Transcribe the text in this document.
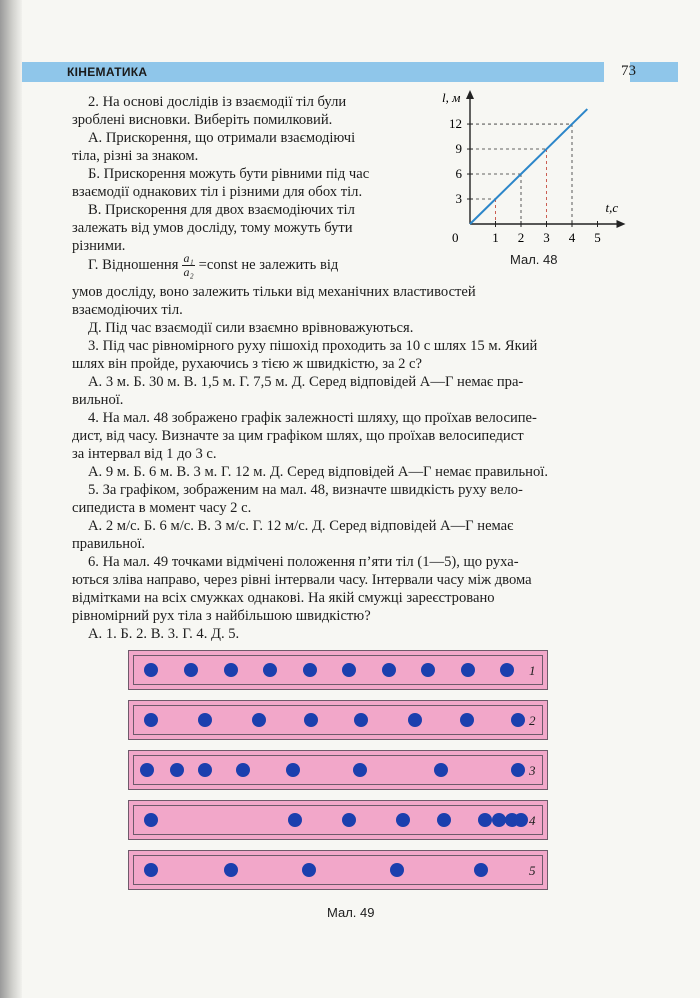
КІНЕМАТИКА	73
2. На основі дослідів із взаємодії тіл були
зроблені висновки. Виберіть помилковий.
А. Прискорення, що отримали взаємодіючі
тіла, різні за знаком.
Б. Прискорення можуть бути рівними під час
взаємодії однакових тіл і різними для обох тіл.
В. Прискорення для двох взаємодіючих тіл
залежать від умов досліду, тому можуть бути
різними.
Г. Відношення $\frac{\text{a₁}}{\text{a₂}}$ =const не залежить від
умов досліду, воно залежить тільки від механічних властивостей
взаємодіючих тіл.
Д. Під час взаємодії сили взаємно врівноважуються.
3. Під час рівномірного руху пішохід проходить за 10 с шлях 15 м. Який
шлях він пройде, рухаючись з тією ж швидкістю, за 2 с?
А. 3 м. Б. 30 м. В. 1,5 м. Г. 7,5 м. Д. Серед відповідей А—Г немає пра-
вильної.
4. На мал. 48 зображено графік залежності шляху, що проїхав велосипе-
дист, від часу. Визначте за цим графіком шлях, що проїхав велосипедист
за інтервал від 1 до 3 с.
А. 9 м. Б. 6 м. В. 3 м. Г. 12 м. Д. Серед відповідей А—Г немає правильної.
5. За графіком, зображеним на мал. 48, визначте швидкість руху вело-
сипедиста в момент часу 2 с.
А. 2 м/с. Б. 6 м/с. В. 3 м/с. Г. 12 м/с. Д. Серед відповідей А—Г немає
правильної.
6. На мал. 49 точками відмічені положення п’яти тіл (1—5), що руха-
ються зліва направо, через рівні інтервали часу. Інтервали часу між двома
відмітками на всіх смужках однакові. На якій смужці зареєстровано
рівномірний рух тіла з найбільшою швидкістю?
А. 1. Б. 2. В. 3. Г. 4. Д. 5.
1 2 3 4 5
3
6
9
12
0
l, м
t,c
Мал. 48
1
2
3
4
5
Мал. 49
